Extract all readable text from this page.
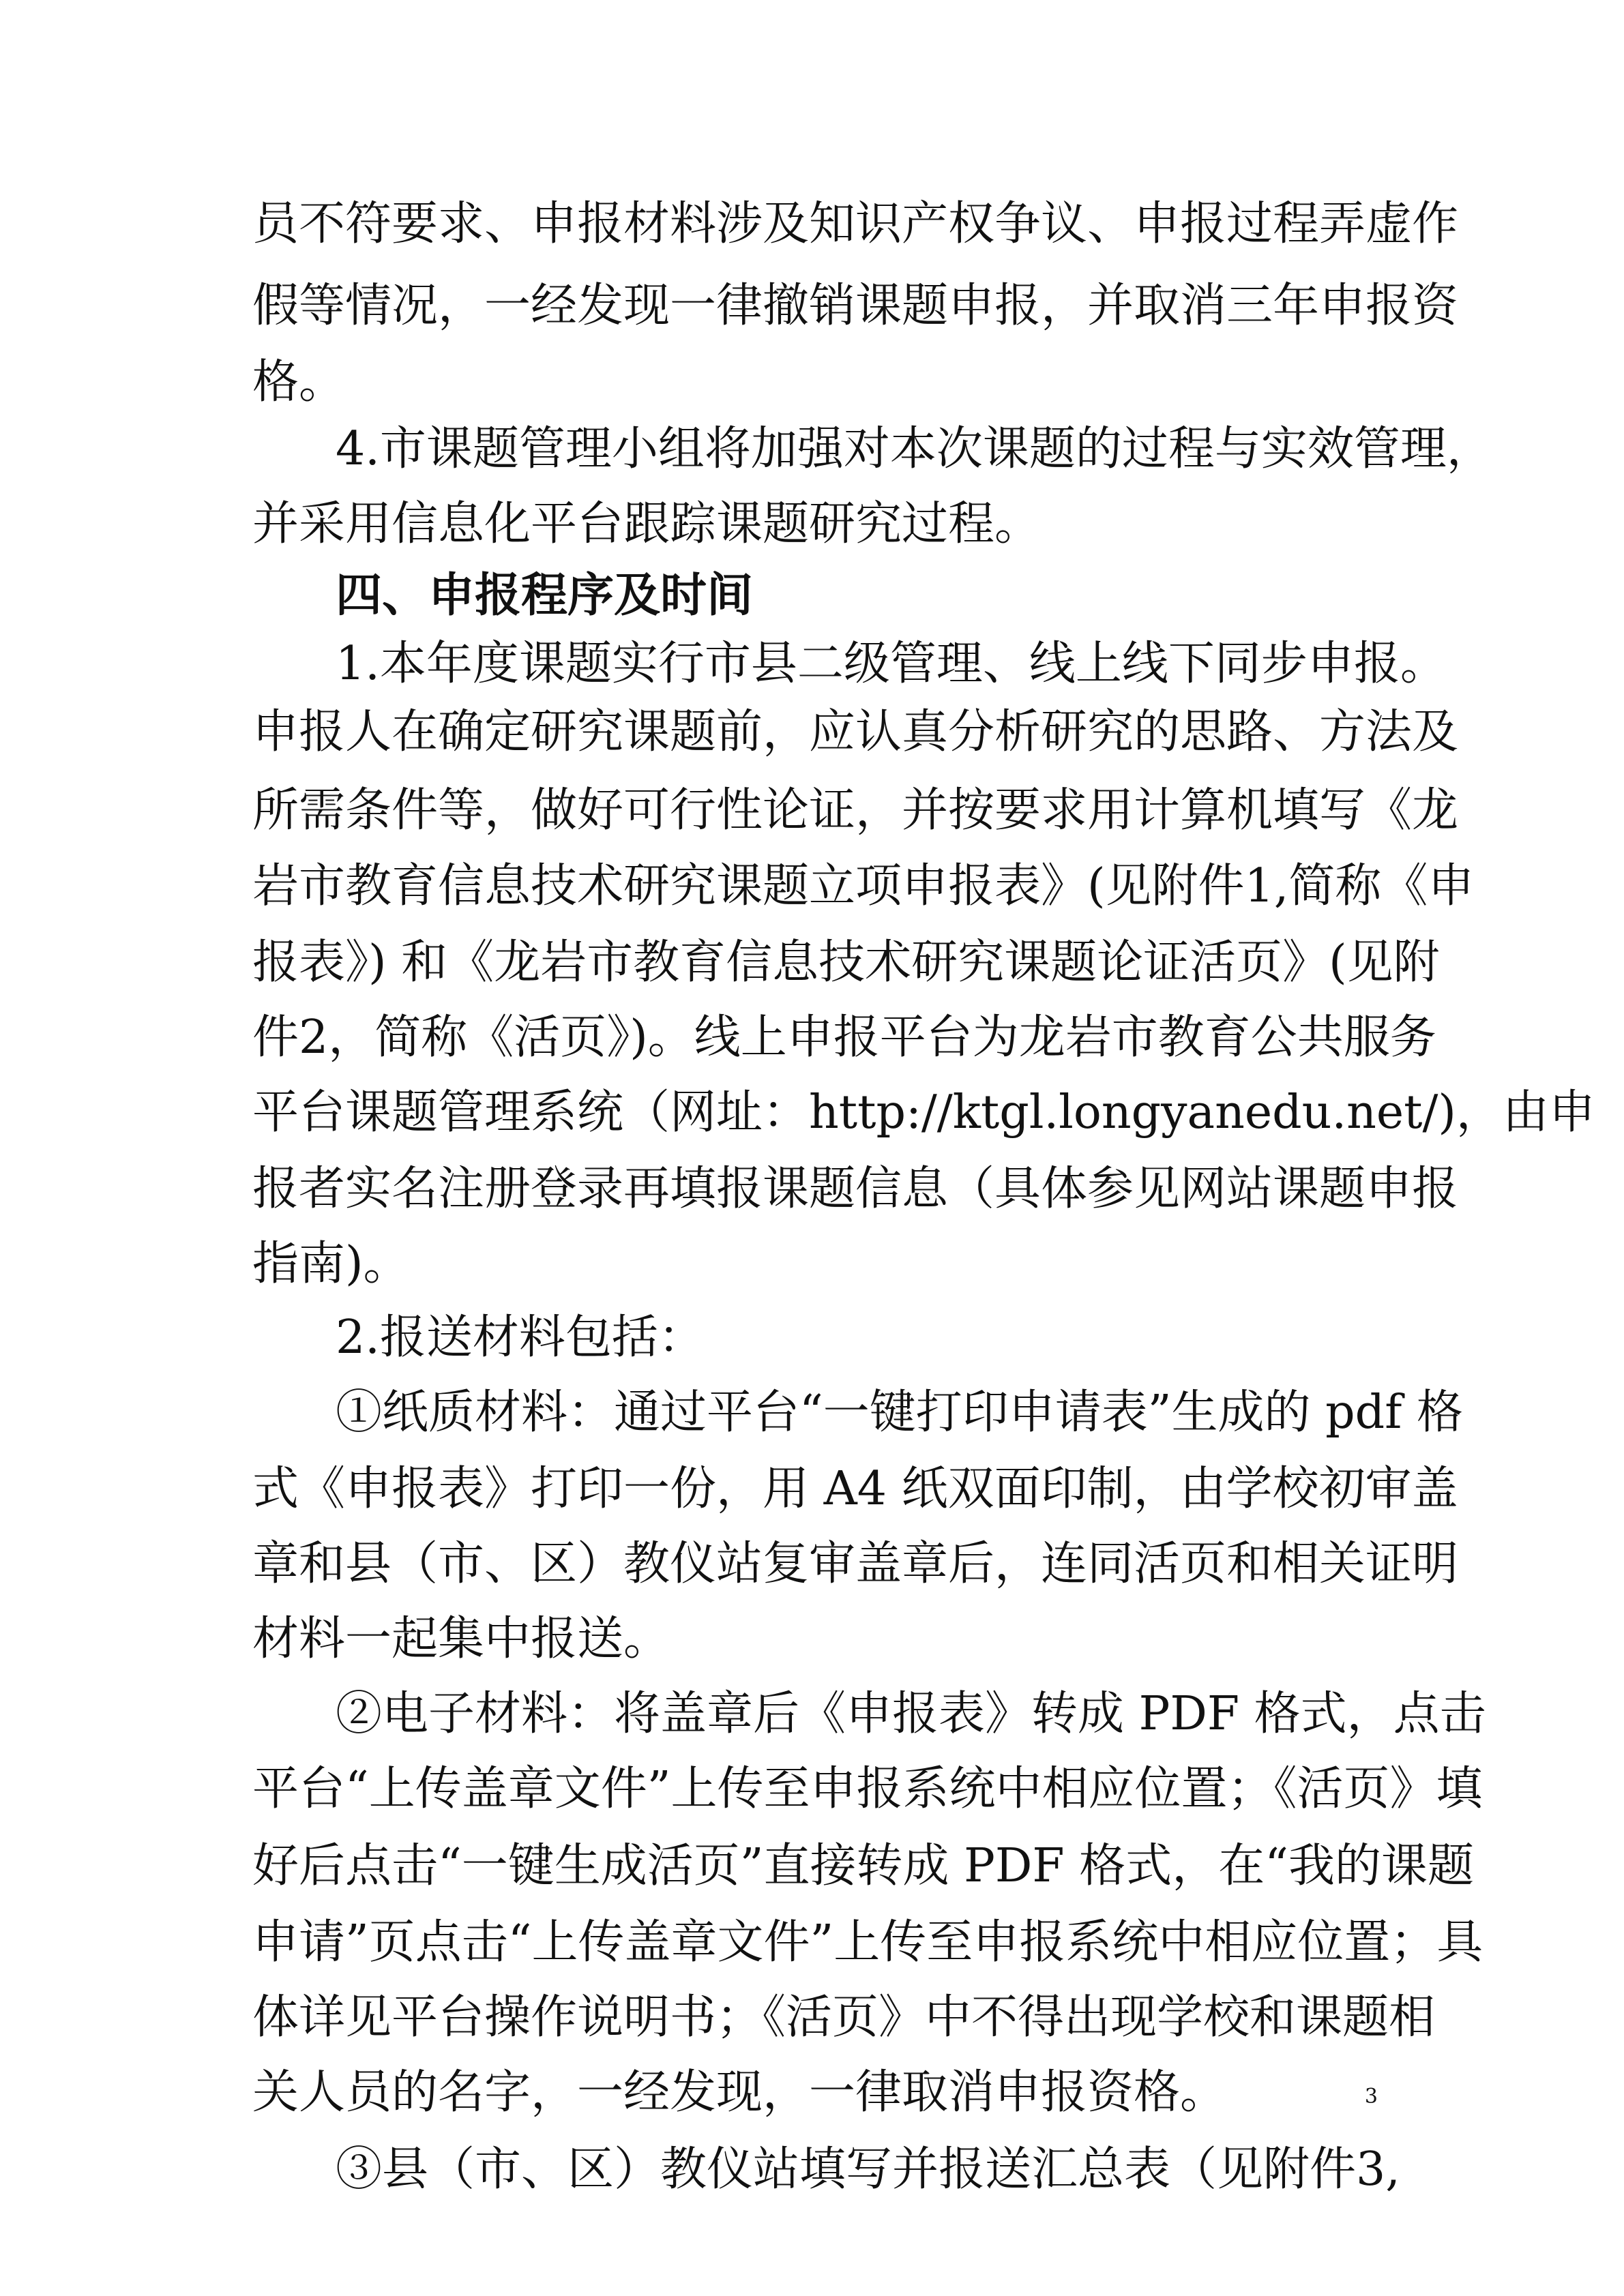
员不符要求、申报材料涉及知识产权争议、申报过程弄虚作
假等情况，一经发现一律撤销课题申报，并取消三年申报资
格。
4.市课题管理小组将加强对本次课题的过程与实效管理，
并采用信息化平台跟踪课题研究过程。
四、申报程序及时间
1.本年度课题实行市县二级管理、线上线下同步申报。
申报人在确定研究课题前，应认真分析研究的思路、方法及
所需条件等，做好可行性论证，并按要求用计算机填写《龙
岩市教育信息技术研究课题立项申报表》(见附件1,简称《申
报表》) 和《龙岩市教育信息技术研究课题论证活页》(见附
件2，简称《活页》)。线上申报平台为龙岩市教育公共服务
平台课题管理系统（网址：http://ktgl.longyanedu.net/)，由申
报者实名注册登录再填报课题信息（具体参见网站课题申报
指南)。
2.报送材料包括：
①纸质材料：通过平台“一键打印申请表”生成的 pdf 格
式《申报表》打印一份，用 A4 纸双面印制，由学校初审盖
章和县（市、区）教仪站复审盖章后，连同活页和相关证明
材料一起集中报送。
②电子材料：将盖章后《申报表》转成 PDF 格式，点击
平台“上传盖章文件”上传至申报系统中相应位置；《活页》填
好后点击“一键生成活页”直接转成 PDF 格式，在“我的课题
申请”页点击“上传盖章文件”上传至申报系统中相应位置；具
体详见平台操作说明书；《活页》中不得出现学校和课题相
关人员的名字，一经发现，一律取消申报资格。
③县（市、区）教仪站填写并报送汇总表（见附件3,
3
